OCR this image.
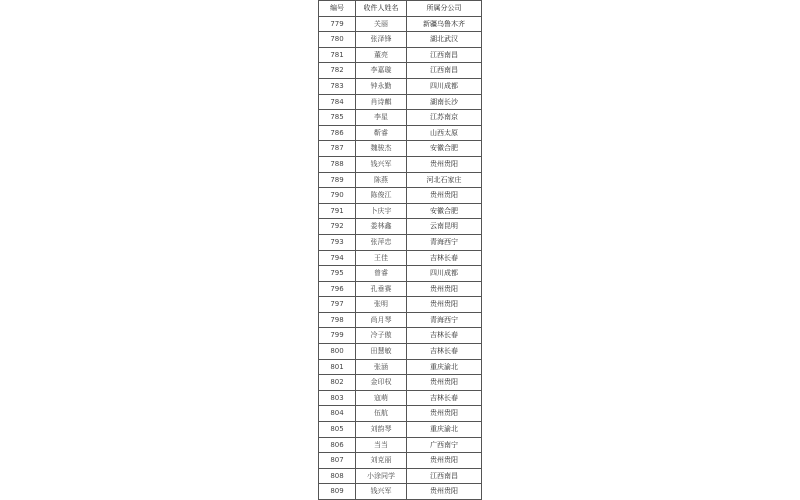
编号	收件人姓名	所属分公司
779	关丽	新疆乌鲁木齐
780	张泽锋	湖北武汉
781	董亮	江西南昌
782	李嘉璇	江西南昌
783	钟永勤	四川成都
784	肖诗麒	湖南长沙
785	李星	江苏南京
786	靳睿	山西太原
787	魏骏杰	安徽合肥
788	钱兴军	贵州贵阳
789	陈燕	河北石家庄
790	陈俊江	贵州贵阳
791	卜庆宇	安徽合肥
792	娄林鑫	云南昆明
793	张萍忠	青海西宁
794	王佳	吉林长春
795	曾睿	四川成都
796	孔垂赛	贵州贵阳
797	张明	贵州贵阳
798	尚月琴	青海西宁
799	冷子傲	吉林长春
800	田慧敏	吉林长春
801	张涵	重庆渝北
802	金印权	贵州贵阳
803	寇萌	吉林长春
804	伍航	贵州贵阳
805	刘韵琴	重庆渝北
806	当当	广西南宁
807	刘克丽	贵州贵阳
808	小涂同学	江西南昌
809	钱兴军	贵州贵阳
